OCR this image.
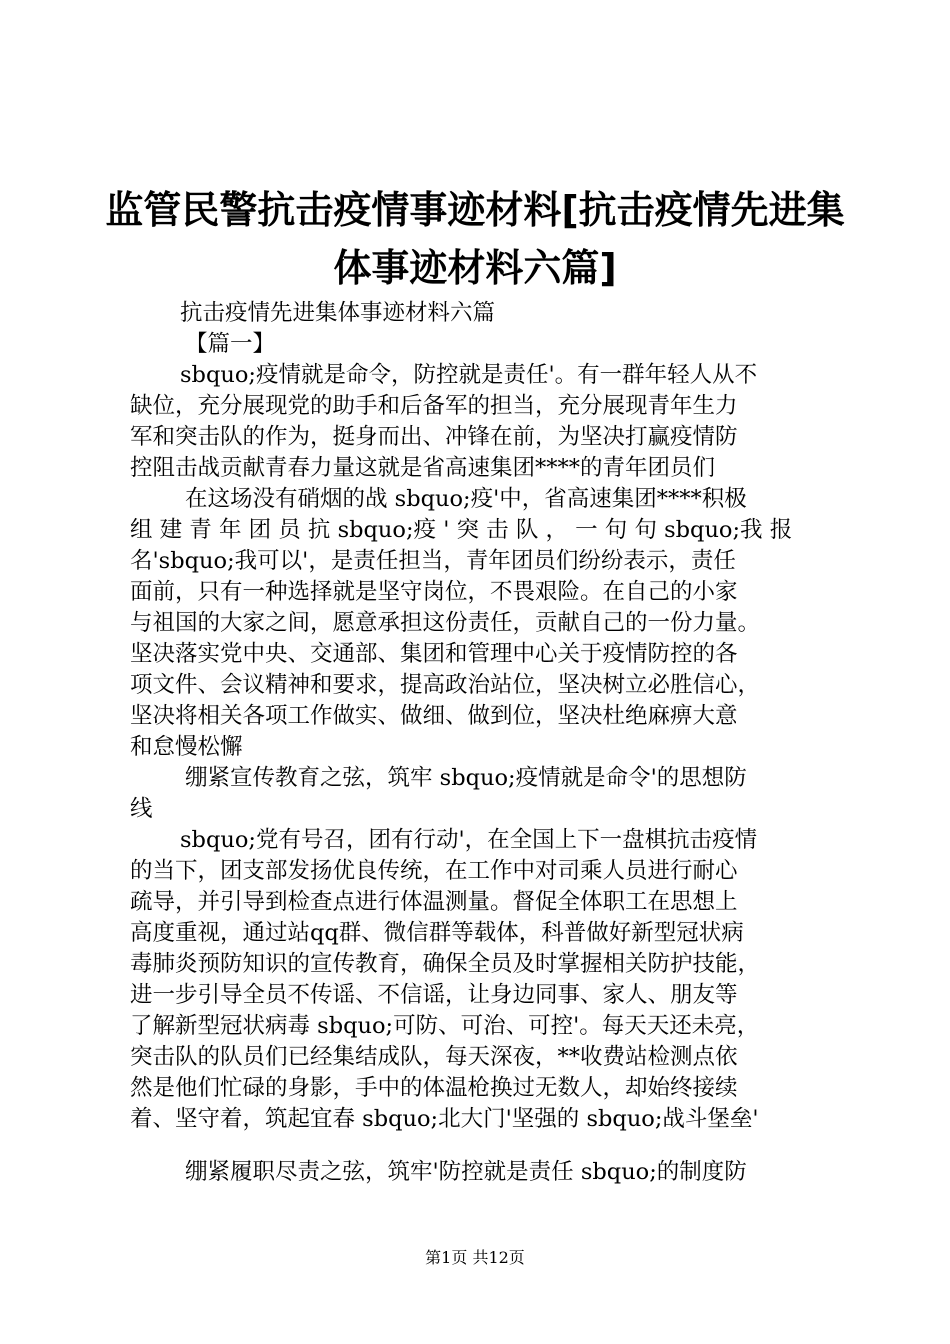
监管民警抗击疫情事迹材料[抗击疫情先进集
体事迹材料六篇]
抗击疫情先进集体事迹材料六篇
【篇一】
sbquo;疫情就是命令，防控就是责任'。有一群年轻人从不
缺位，充分展现党的助手和后备军的担当，充分展现青年生力
军和突击队的作为，挺身而出、冲锋在前，为坚决打赢疫情防
控阻击战贡献青春力量这就是省高速集团****的青年团员们
在这场没有硝烟的战 sbquo;疫'中，省高速集团****积极
组 建 青 年 团 员 抗 sbquo;疫 ' 突 击 队 ， 一 句 句 sbquo;我 报
名'sbquo;我可以'，是责任担当，青年团员们纷纷表示，责任
面前，只有一种选择就是坚守岗位，不畏艰险。在自己的小家
与祖国的大家之间，愿意承担这份责任，贡献自己的一份力量。
坚决落实党中央、交通部、集团和管理中心关于疫情防控的各
项文件、会议精神和要求，提高政治站位，坚决树立必胜信心，
坚决将相关各项工作做实、做细、做到位，坚决杜绝麻痹大意
和怠慢松懈
绷紧宣传教育之弦，筑牢 sbquo;疫情就是命令'的思想防
线
sbquo;党有号召，团有行动'，在全国上下一盘棋抗击疫情
的当下，团支部发扬优良传统，在工作中对司乘人员进行耐心
疏导，并引导到检查点进行体温测量。督促全体职工在思想上
高度重视，通过站qq群、微信群等载体，科普做好新型冠状病
毒肺炎预防知识的宣传教育，确保全员及时掌握相关防护技能，
进一步引导全员不传谣、不信谣，让身边同事、家人、朋友等
了解新型冠状病毒 sbquo;可防、可治、可控'。每天天还未亮，
突击队的队员们已经集结成队，每天深夜，**收费站检测点依
然是他们忙碌的身影，手中的体温枪换过无数人，却始终接续
着、坚守着，筑起宜春 sbquo;北大门'坚强的 sbquo;战斗堡垒'
绷紧履职尽责之弦，筑牢'防控就是责任 sbquo;的制度防
第1页 共12页
